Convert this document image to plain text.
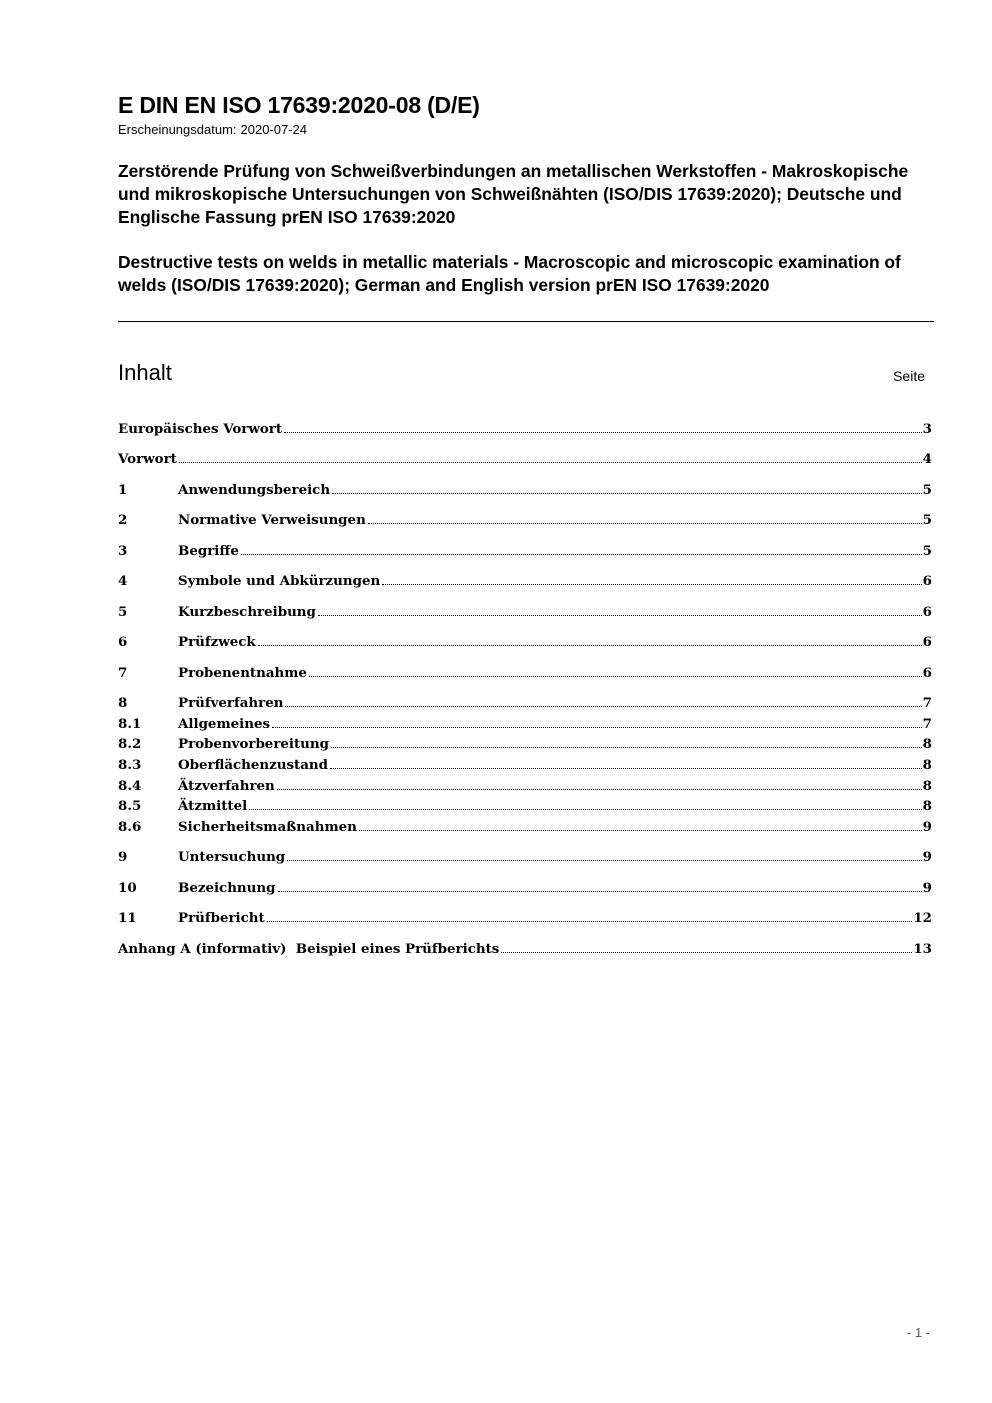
E DIN EN ISO 17639:2020-08 (D/E)
Erscheinungsdatum: 2020-07-24
Zerstörende Prüfung von Schweißverbindungen an metallischen Werkstoffen - Makroskopische und mikroskopische Untersuchungen von Schweißnähten (ISO/DIS 17639:2020); Deutsche und Englische Fassung prEN ISO 17639:2020
Destructive tests on welds in metallic materials - Macroscopic and microscopic examination of welds (ISO/DIS 17639:2020); German and English version prEN ISO 17639:2020
Inhalt	Seite
Europäisches Vorwort	3
Vorwort	4
1	Anwendungsbereich	5
2	Normative Verweisungen	5
3	Begriffe	5
4	Symbole und Abkürzungen	6
5	Kurzbeschreibung	6
6	Prüfzweck	6
7	Probenentnahme	6
8	Prüfverfahren	7
8.1	Allgemeines	7
8.2	Probenvorbereitung	8
8.3	Oberflächenzustand	8
8.4	Ätzverfahren	8
8.5	Ätzmittel	8
8.6	Sicherheitsmaßnahmen	9
9	Untersuchung	9
10	Bezeichnung	9
11	Prüfbericht	12
Anhang A (informativ)  Beispiel eines Prüfberichts	13
- 1 -
